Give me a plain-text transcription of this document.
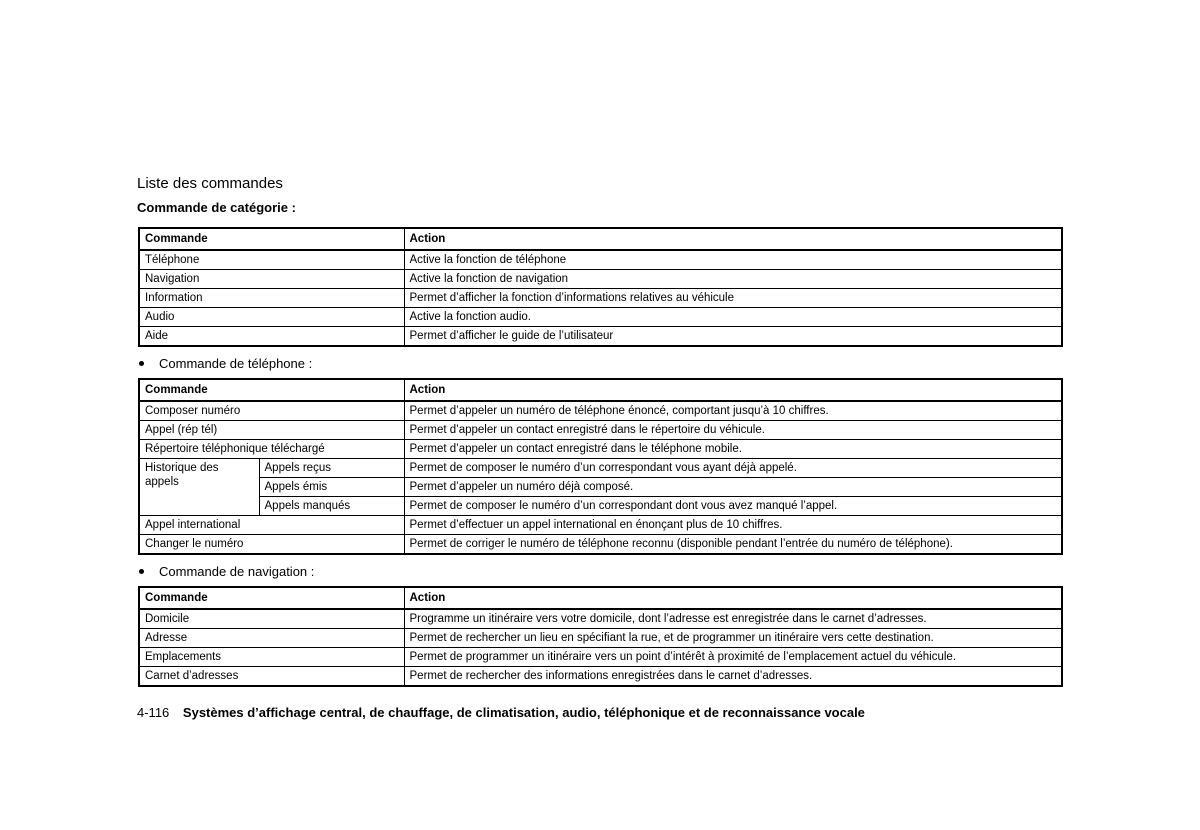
Liste des commandes
Commande de catégorie :
Commande	Action
Téléphone	Active la fonction de téléphone
Navigation	Active la fonction de navigation
Information	Permet d’afficher la fonction d’informations relatives au véhicule
Audio	Active la fonction audio.
Aide	Permet d’afficher le guide de l’utilisateur
Commande de téléphone :
Commande		Action
Composer numéro		Permet d’appeler un numéro de téléphone énoncé, comportant jusqu’à 10 chiffres.
Appel (rép tél)		Permet d’appeler un contact enregistré dans le répertoire du véhicule.
Répertoire téléphonique téléchargé		Permet d’appeler un contact enregistré dans le téléphone mobile.
Historique des appels	Appels reçus	Permet de composer le numéro d’un correspondant vous ayant déjà appelé.
	Appels émis	Permet d’appeler un numéro déjà composé.
	Appels manqués	Permet de composer le numéro d’un correspondant dont vous avez manqué l’appel.
Appel international		Permet d’effectuer un appel international en énonçant plus de 10 chiffres.
Changer le numéro		Permet de corriger le numéro de téléphone reconnu (disponible pendant l’entrée du numéro de téléphone).
Commande de navigation :
Commande	Action
Domicile	Programme un itinéraire vers votre domicile, dont l’adresse est enregistrée dans le carnet d’adresses.
Adresse	Permet de rechercher un lieu en spécifiant la rue, et de programmer un itinéraire vers cette destination.
Emplacements	Permet de programmer un itinéraire vers un point d’intérêt à proximité de l’emplacement actuel du véhicule.
Carnet d’adresses	Permet de rechercher des informations enregistrées dans le carnet d’adresses.
4-116 Systèmes d’affichage central, de chauffage, de climatisation, audio, téléphonique et de reconnaissance vocale
